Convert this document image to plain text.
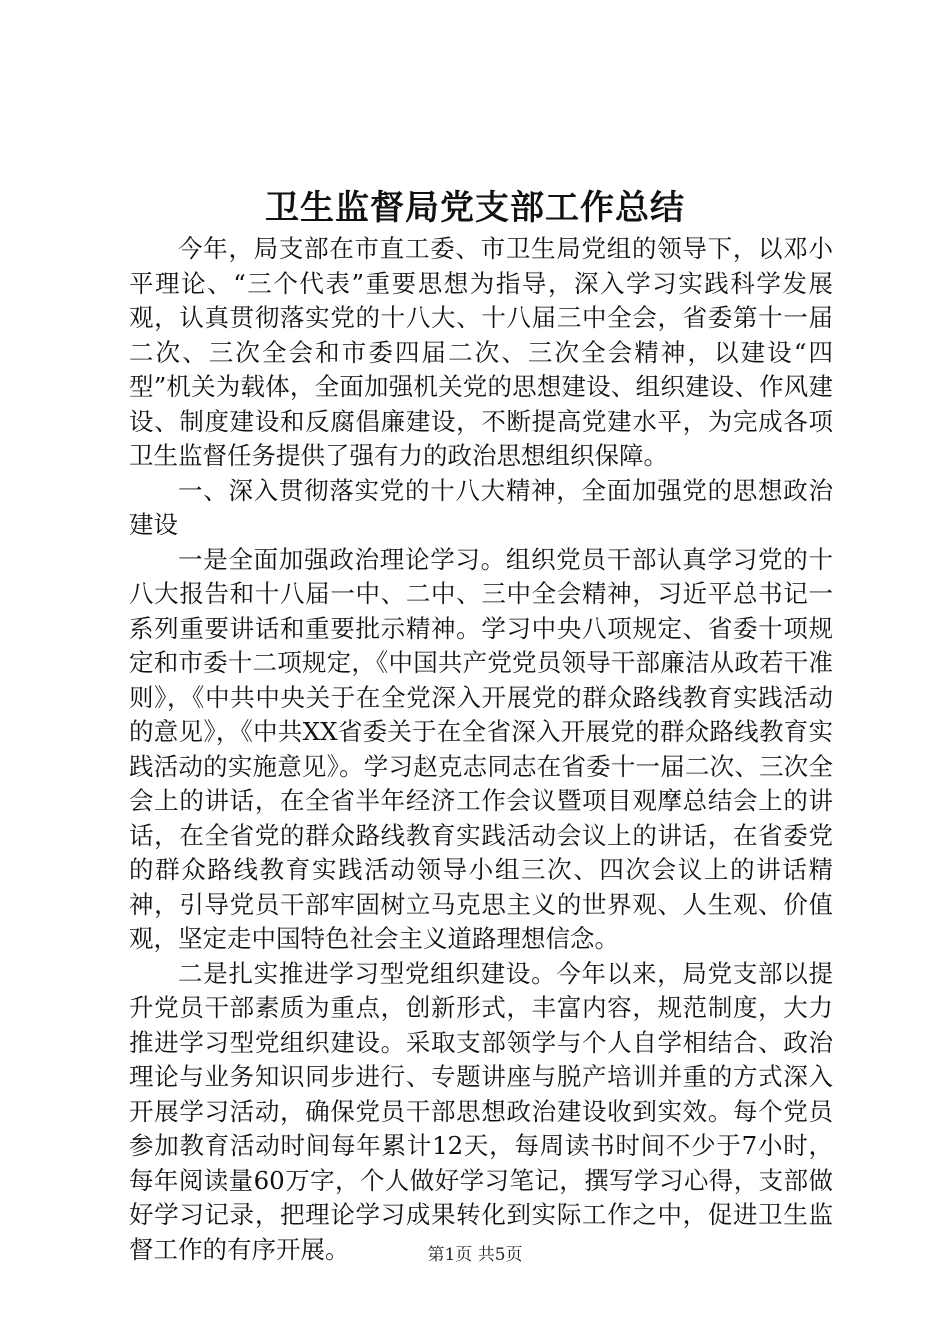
卫生监督局党支部工作总结

今年，局支部在市直工委、市卫生局党组的领导下，以邓小平理论、“三个代表”重要思想为指导，深入学习实践科学发展观，认真贯彻落实党的十八大、十八届三中全会，省委第十一届二次、三次全会和市委四届二次、三次全会精神，以建设“四型”机关为载体，全面加强机关党的思想建设、组织建设、作风建设、制度建设和反腐倡廉建设，不断提高党建水平，为完成各项卫生监督任务提供了强有力的政治思想组织保障。

一、深入贯彻落实党的十八大精神，全面加强党的思想政治建设

一是全面加强政治理论学习。组织党员干部认真学习党的十八大报告和十八届一中、二中、三中全会精神，习近平总书记一系列重要讲话和重要批示精神。学习中央八项规定、省委十项规定和市委十二项规定，《中国共产党党员领导干部廉洁从政若干准则》，《中共中央关于在全党深入开展党的群众路线教育实践活动的意见》，《中共XX省委关于在全省深入开展党的群众路线教育实践活动的实施意见》。学习赵克志同志在省委十一届二次、三次全会上的讲话，在全省半年经济工作会议暨项目观摩总结会上的讲话，在全省党的群众路线教育实践活动会议上的讲话，在省委党的群众路线教育实践活动领导小组三次、四次会议上的讲话精神，引导党员干部牢固树立马克思主义的世界观、人生观、价值观，坚定走中国特色社会主义道路理想信念。

二是扎实推进学习型党组织建设。今年以来，局党支部以提升党员干部素质为重点，创新形式，丰富内容，规范制度，大力推进学习型党组织建设。采取支部领学与个人自学相结合、政治理论与业务知识同步进行、专题讲座与脱产培训并重的方式深入开展学习活动，确保党员干部思想政治建设收到实效。每个党员参加教育活动时间每年累计12天，每周读书时间不少于7小时，每年阅读量60万字，个人做好学习笔记，撰写学习心得，支部做好学习记录，把理论学习成果转化到实际工作之中，促进卫生监督工作的有序开展。	第1页 共5页
